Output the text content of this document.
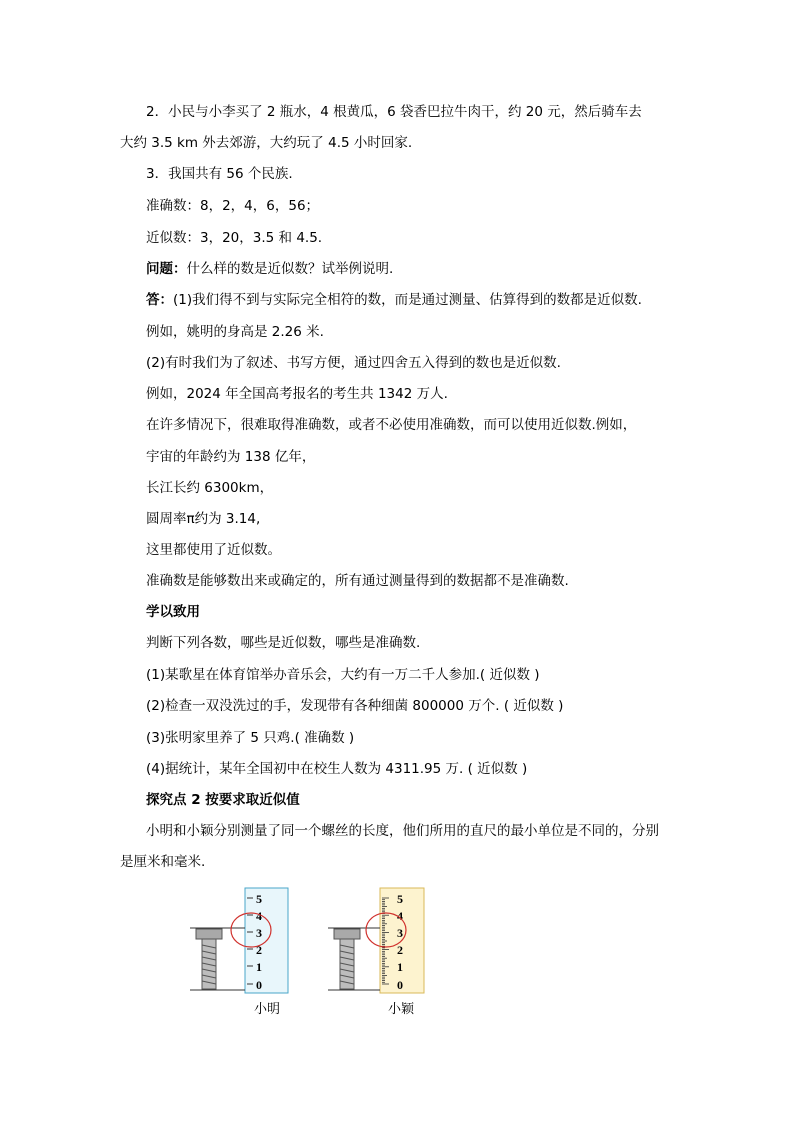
2．小民与小李买了 2 瓶水，4 根黄瓜，6 袋香巴拉牛肉干，约 20 元，然后骑车去
大约 3.5 km 外去郊游，大约玩了 4.5 小时回家.
3．我国共有 56 个民族.
准确数：8，2，4，6，56；
近似数：3，20，3.5 和 4.5.
问题：什么样的数是近似数？试举例说明.
答：(1)我们得不到与实际完全相符的数，而是通过测量、估算得到的数都是近似数.
例如，姚明的身高是 2.26 米.
(2)有时我们为了叙述、书写方便，通过四舍五入得到的数也是近似数.
例如，2024 年全国高考报名的考生共 1342 万人.
在许多情况下，很难取得准确数，或者不必使用准确数，而可以使用近似数.例如，
宇宙的年龄约为 138 亿年，
长江长约 6300km，
圆周率π约为 3.14,
这里都使用了近似数。
准确数是能够数出来或确定的，所有通过测量得到的数据都不是准确数.
学以致用
判断下列各数，哪些是近似数，哪些是准确数.
(1)某歌星在体育馆举办音乐会，大约有一万二千人参加.( 近似数 )
(2)检查一双没洗过的手，发现带有各种细菌 800000 万个. ( 近似数 )
(3)张明家里养了 5 只鸡.( 准确数 )
(4)据统计，某年全国初中在校生人数为 4311.95 万. ( 近似数 )
探究点 2 按要求取近似值
小明和小颖分别测量了同一个螺丝的长度，他们所用的直尺的最小单位是不同的，分别
是厘米和毫米.
5
4
3
2
1
0
5
4
3
2
1
0
小明	小颖
